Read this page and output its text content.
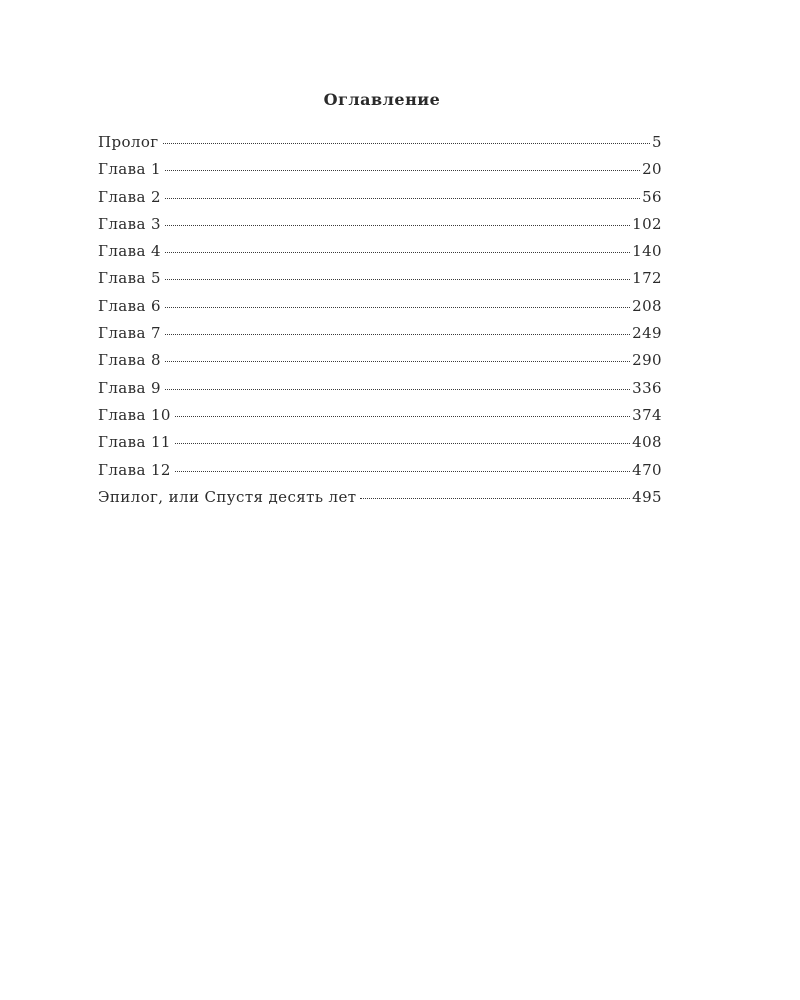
Оглавление
Пролог	5
Глава 1	20
Глава 2	56
Глава 3	102
Глава 4	140
Глава 5	172
Глава 6	208
Глава 7	249
Глава 8	290
Глава 9	336
Глава 10	374
Глава 11	408
Глава 12	470
Эпилог, или Спустя десять лет	495
